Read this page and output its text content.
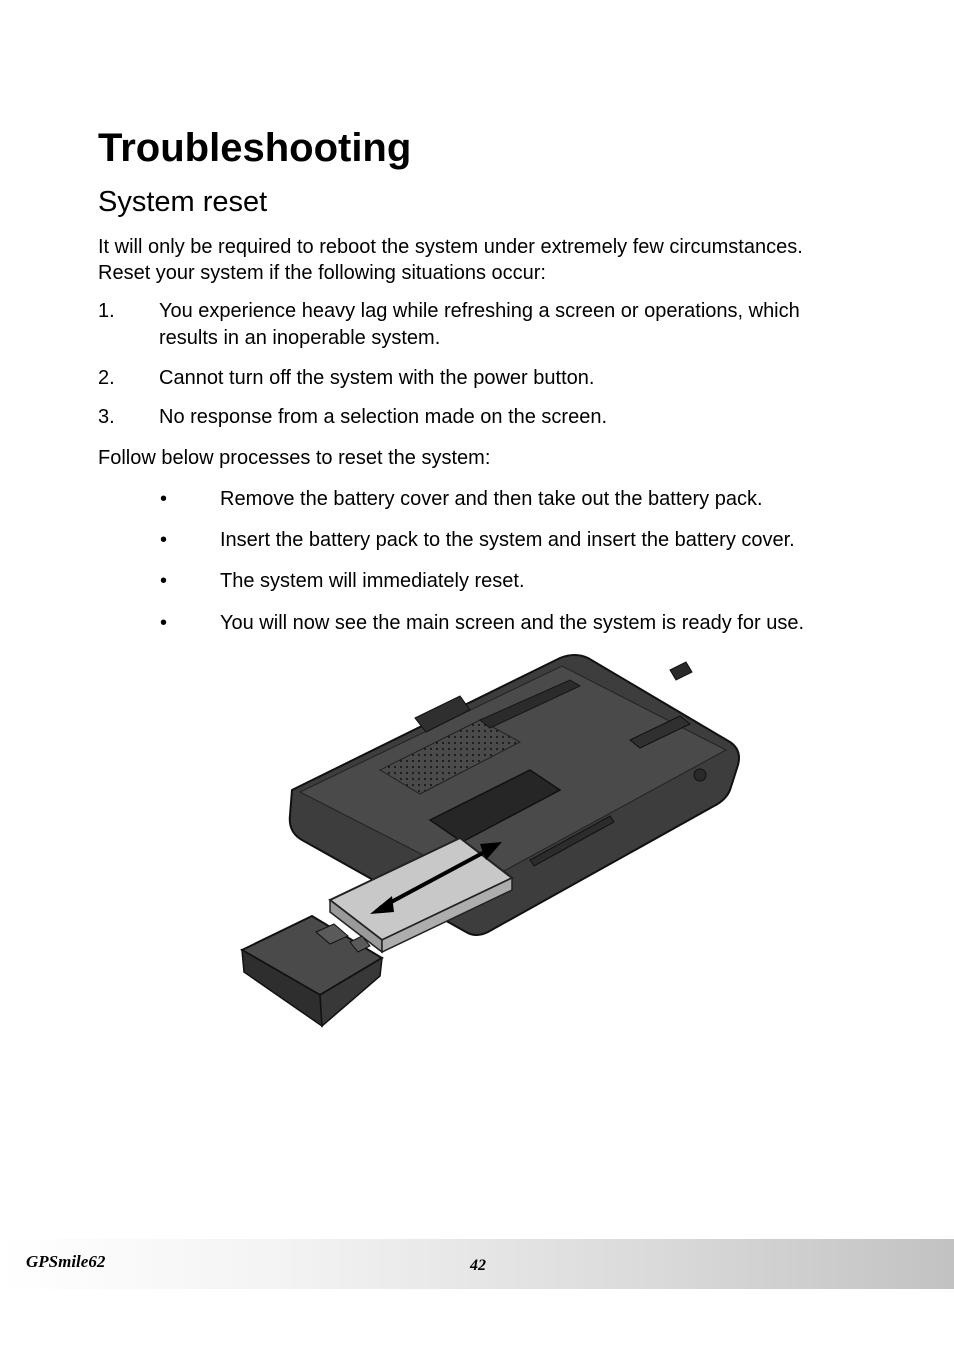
Troubleshooting
System reset

It will only be required to reboot the system under extremely few circumstances. Reset your system if the following situations occur:

1. You experience heavy lag while refreshing a screen or operations, which results in an inoperable system.
2. Cannot turn off the system with the power button.
3. No response from a selection made on the screen.

Follow below processes to reset the system:

•	Remove the battery cover and then take out the battery pack.
•	Insert the battery pack to the system and insert the battery cover.
•	The system will immediately reset.
•	You will now see the main screen and the system is ready for use.
GPSmile62	42
